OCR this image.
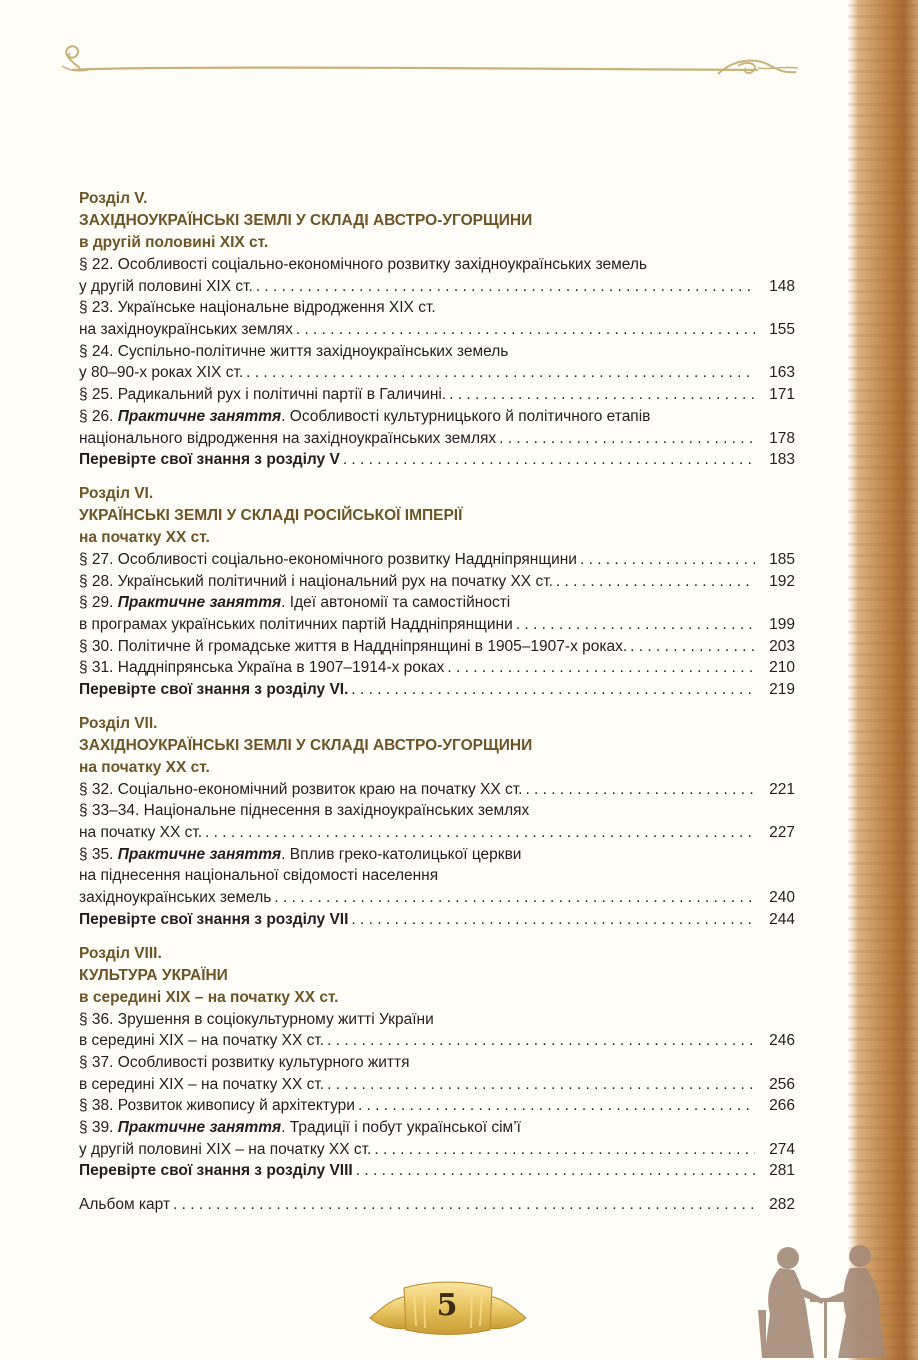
Розділ V.
ЗАХІДНОУКРАЇНСЬКІ ЗЕМЛІ У СКЛАДІ АВСТРО-УГОРЩИНИ
в другій половині XIX ст.
§ 22. Особливості соціально-економічного розвитку західноукраїнських земель
у другій половині XIX ст. . . .	148
§ 23. Українське національне відродження XIX ст.
на західноукраїнських землях . . .	155
§ 24. Суспільно-політичне життя західноукраїнських земель
у 80–90-х роках XIX ст. . . .	163
§ 25. Радикальний рух і політичні партії в Галичині. . . .	171
§ 26. Практичне заняття. Особливості культурницького й політичного етапів
національного відродження на західноукраїнських землях . . .	178
Перевірте свої знання з розділу V . . .	183
Розділ VI.
УКРАЇНСЬКІ ЗЕМЛІ У СКЛАДІ РОСІЙСЬКОЇ ІМПЕРІЇ
на початку XX ст.
§ 27. Особливості соціально-економічного розвитку Наддніпрянщини . . .	185
§ 28. Український політичний і національний рух на початку XX ст. . . .	192
§ 29. Практичне заняття. Ідеї автономії та самостійності
в програмах українських політичних партій Наддніпрянщини . . .	199
§ 30. Політичне й громадське життя в Наддніпрянщині в 1905–1907-х роках. . . .	203
§ 31. Наддніпрянська Україна в 1907–1914-х роках . . .	210
Перевірте свої знання з розділу VI. . . .	219
Розділ VII.
ЗАХІДНОУКРАЇНСЬКІ ЗЕМЛІ У СКЛАДІ АВСТРО-УГОРЩИНИ
на початку XX ст.
§ 32. Соціально-економічний розвиток краю на початку XX ст. . . .	221
§ 33–34. Національне піднесення в західноукраїнських землях
на початку XX ст. . . .	227
§ 35. Практичне заняття. Вплив греко-католицької церкви
на піднесення національної свідомості населення
західноукраїнських земель . . .	240
Перевірте свої знання з розділу VII . . .	244
Розділ VIII.
КУЛЬТУРА УКРАЇНИ
в середині XIX – на початку XX ст.
§ 36. Зрушення в соціокультурному житті України
в середині XIX – на початку XX ст. . . .	246
§ 37. Особливості розвитку культурного життя
в середині XIX – на початку XX ст. . . .	256
§ 38. Розвиток живопису й архітектури . . .	266
§ 39. Практичне заняття. Традиції і побут української сім’ї
у другій половині XIX – на початку XX ст. . . .	274
Перевірте свої знання з розділу VIII . . .	281
Альбом карт . . .	282
5
